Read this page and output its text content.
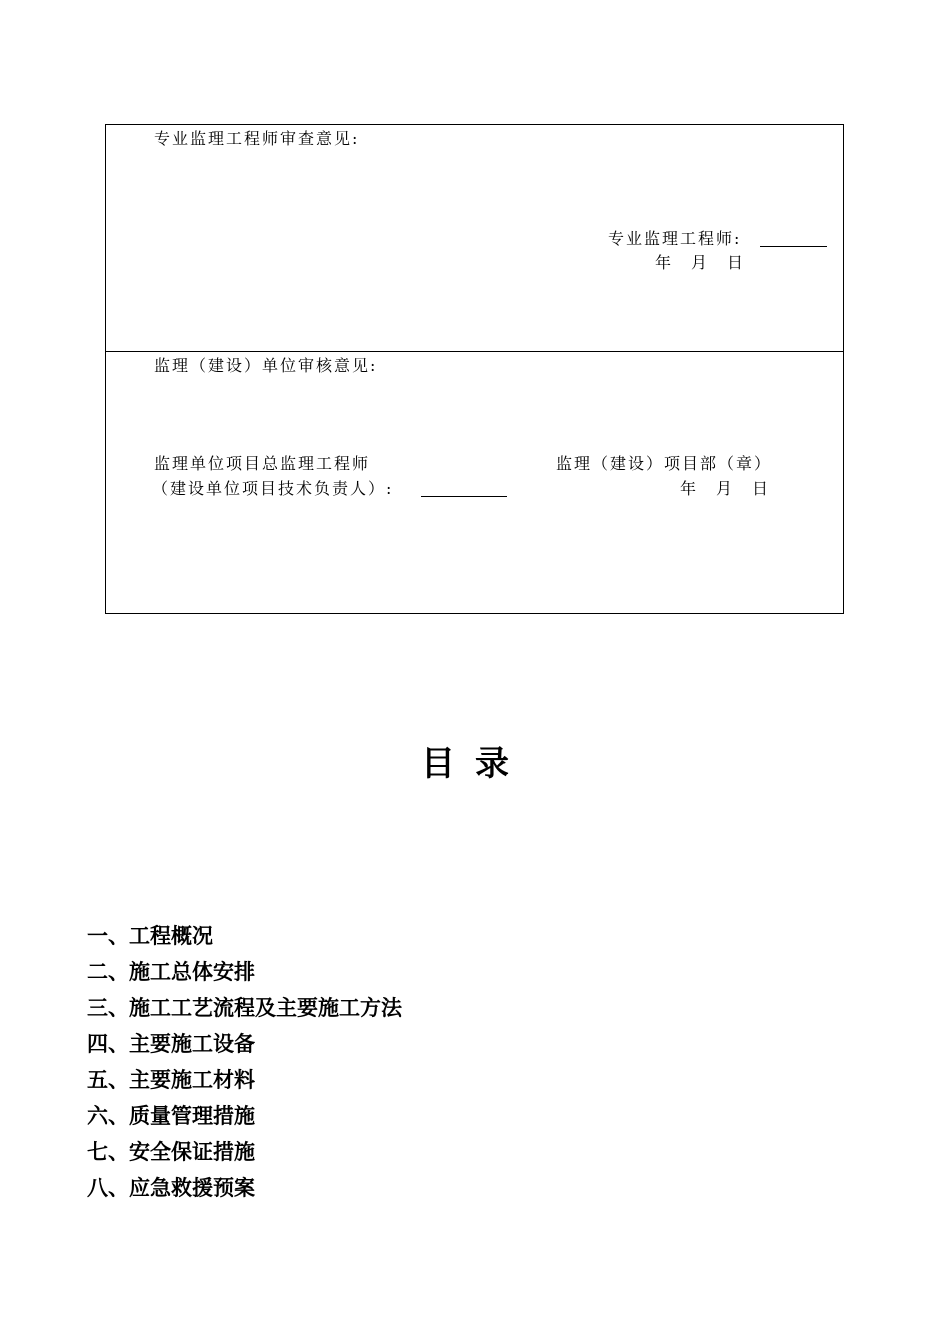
专业监理工程师审查意见:
专业监理工程师:
年　月　日
监理（建设）单位审核意见:
监理单位项目总监理工程师
（建设单位项目技术负责人）:
监理（建设）项目部（章）
年　月　日
目录
一、工程概况
二、施工总体安排
三、施工工艺流程及主要施工方法
四、主要施工设备
五、主要施工材料
六、质量管理措施
七、安全保证措施
八、应急救援预案
